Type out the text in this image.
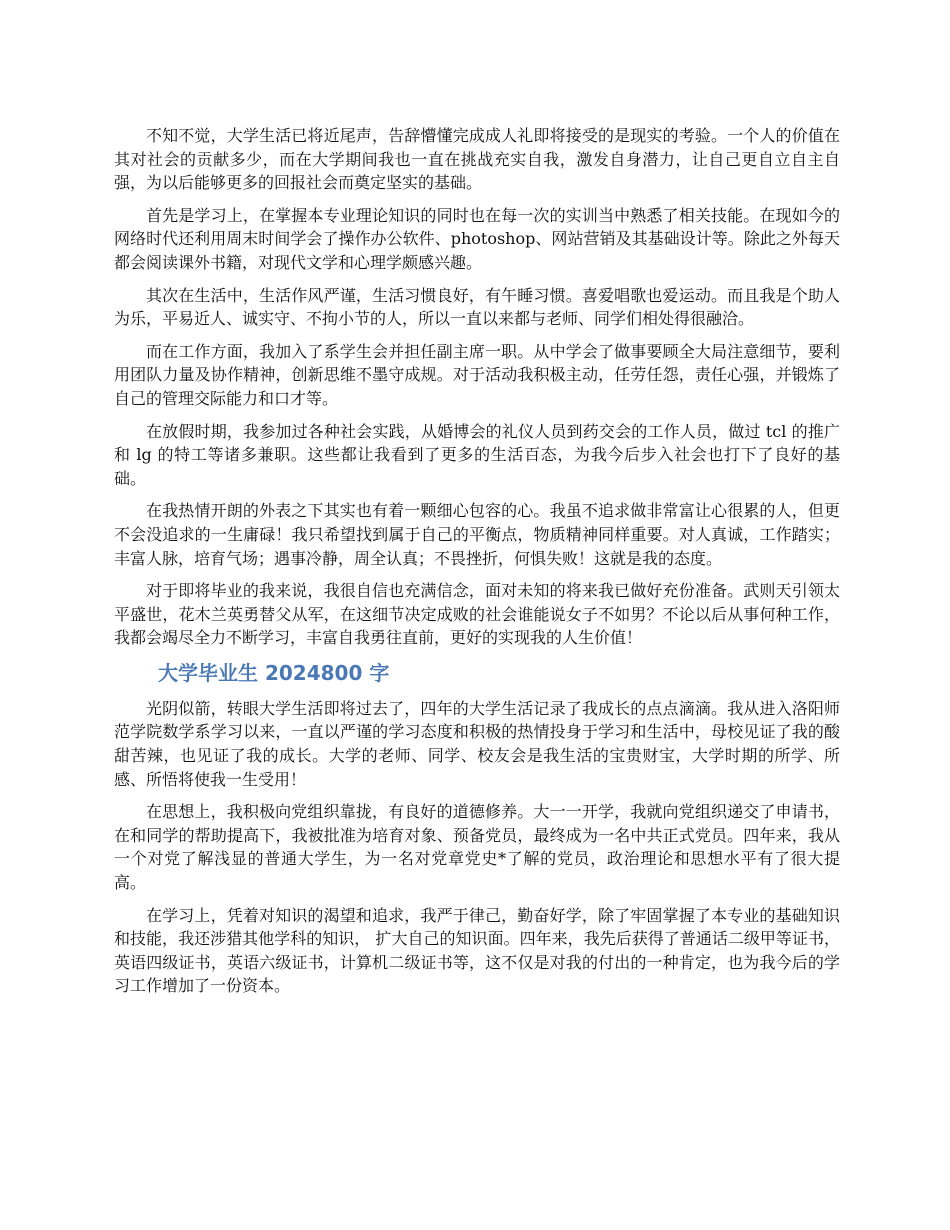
不知不觉，大学生活已将近尾声，告辞懵懂完成成人礼即将接受的是现实的考验。一个人的价值在其对社会的贡献多少，而在大学期间我也一直在挑战充实自我，激发自身潜力，让自己更自立自主自强，为以后能够更多的回报社会而奠定坚实的基础。

首先是学习上，在掌握本专业理论知识的同时也在每一次的实训当中熟悉了相关技能。在现如今的网络时代还利用周末时间学会了操作办公软件、photoshop、网站营销及其基础设计等。除此之外每天都会阅读课外书籍，对现代文学和心理学颇感兴趣。

其次在生活中，生活作风严谨，生活习惯良好，有午睡习惯。喜爱唱歌也爱运动。而且我是个助人为乐，平易近人、诚实守、不拘小节的人，所以一直以来都与老师、同学们相处得很融洽。

而在工作方面，我加入了系学生会并担任副主席一职。从中学会了做事要顾全大局注意细节，要利用团队力量及协作精神，创新思维不墨守成规。对于活动我积极主动，任劳任怨，责任心强，并锻炼了自己的管理交际能力和口才等。

在放假时期，我参加过各种社会实践，从婚博会的礼仪人员到药交会的工作人员，做过 tcl 的推广和 lg 的特工等诸多兼职。这些都让我看到了更多的生活百态，为我今后步入社会也打下了良好的基础。

在我热情开朗的外表之下其实也有着一颗细心包容的心。我虽不追求做非常富让心很累的人，但更不会没追求的一生庸碌！我只希望找到属于自己的平衡点，物质精神同样重要。对人真诚，工作踏实；丰富人脉，培育气场；遇事冷静，周全认真；不畏挫折，何惧失败！这就是我的态度。

对于即将毕业的我来说，我很自信也充满信念，面对未知的将来我已做好充份准备。武则天引领太平盛世，花木兰英勇替父从军，在这细节决定成败的社会谁能说女子不如男？不论以后从事何种工作，我都会竭尽全力不断学习，丰富自我勇往直前，更好的实现我的人生价值！

大学毕业生 2024800 字

光阴似箭，转眼大学生活即将过去了，四年的大学生活记录了我成长的点点滴滴。我从进入洛阳师范学院数学系学习以来，一直以严谨的学习态度和积极的热情投身于学习和生活中，母校见证了我的酸甜苦辣，也见证了我的成长。大学的老师、同学、校友会是我生活的宝贵财宝，大学时期的所学、所感、所悟将使我一生受用！

在思想上，我积极向党组织靠拢，有良好的道德修养。大一一开学，我就向党组织递交了申请书，在和同学的帮助提高下，我被批准为培育对象、预备党员，最终成为一名中共正式党员。四年来，我从一个对党了解浅显的普通大学生，为一名对党章党史*了解的党员，政治理论和思想水平有了很大提高。

在学习上，凭着对知识的渴望和追求，我严于律己，勤奋好学，除了牢固掌握了本专业的基础知识和技能，我还涉猎其他学科的知识， 扩大自己的知识面。四年来，我先后获得了普通话二级甲等证书，英语四级证书，英语六级证书，计算机二级证书等，这不仅是对我的付出的一种肯定，也为我今后的学习工作增加了一份资本。
